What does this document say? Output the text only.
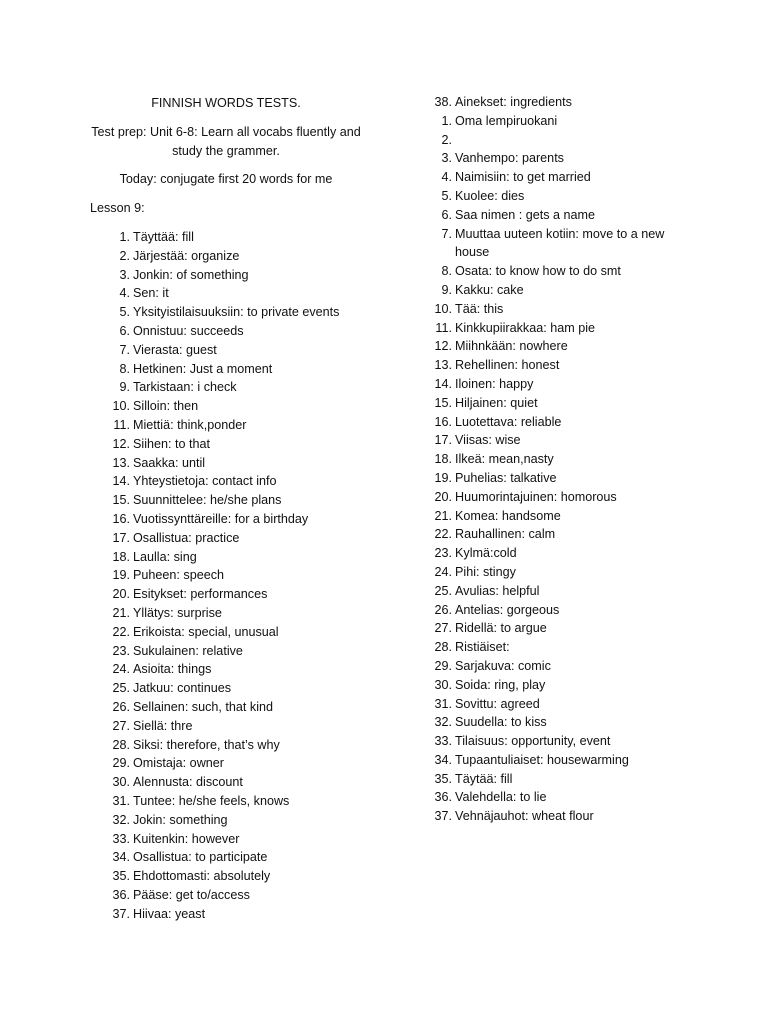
FINNISH WORDS TESTS.
Test prep: Unit 6-8: Learn all vocabs fluently and study the grammer.
Today: conjugate first 20 words for me
Lesson 9:
1. Täyttää: fill
2. Järjestää: organize
3. Jonkin: of something
4. Sen: it
5. Yksityistilaisuuksiin: to private events
6. Onnistuu: succeeds
7. Vierasta: guest
8. Hetkinen: Just a moment
9. Tarkistaan: i check
10. Silloin: then
11. Miettiä: think,ponder
12. Siihen: to that
13. Saakka: until
14. Yhteystietoja: contact info
15. Suunnittelee: he/she plans
16. Vuotissynttäreille: for a birthday
17. Osallistua: practice
18. Laulla: sing
19. Puheen: speech
20. Esitykset: performances
21. Yllätys: surprise
22. Erikoista: special, unusual
23. Sukulainen: relative
24. Asioita: things
25. Jatkuu: continues
26. Sellainen: such, that kind
27. Siellä: thre
28. Siksi: therefore, that’s why
29. Omistaja: owner
30. Alennusta: discount
31. Tuntee: he/she feels, knows
32. Jokin: something
33. Kuitenkin: however
34. Osallistua: to participate
35. Ehdottomasti: absolutely
36. Pääse: get to/access
37. Hiivaa: yeast
38. Ainekset: ingredients
1. Oma lempiruokani
2.
3. Vanhempo: parents
4. Naimisiin: to get married
5. Kuolee: dies
6. Saa nimen : gets a name
7. Muuttaa uuteen kotiin: move to a new
house
8. Osata: to know how to do smt
9. Kakku: cake
10. Tää: this
11. Kinkkupiirakkaa: ham pie
12. Miihnkään: nowhere
13. Rehellinen: honest
14. Iloinen: happy
15. Hiljainen: quiet
16. Luotettava: reliable
17. Viisas: wise
18. Ilkeä: mean,nasty
19. Puhelias: talkative
20. Huumorintajuinen: homorous
21. Komea: handsome
22. Rauhallinen: calm
23. Kylmä:cold
24. Pihi: stingy
25. Avulias: helpful
26. Antelias: gorgeous
27. Ridellä: to argue
28. Ristiäiset:
29. Sarjakuva: comic
30. Soida: ring, play
31. Sovittu: agreed
32. Suudella: to kiss
33. Tilaisuus: opportunity, event
34. Tupaantuliaiset: housewarming
35. Täytää: fill
36. Valehdella: to lie
37. Vehnäjauhot: wheat flour
